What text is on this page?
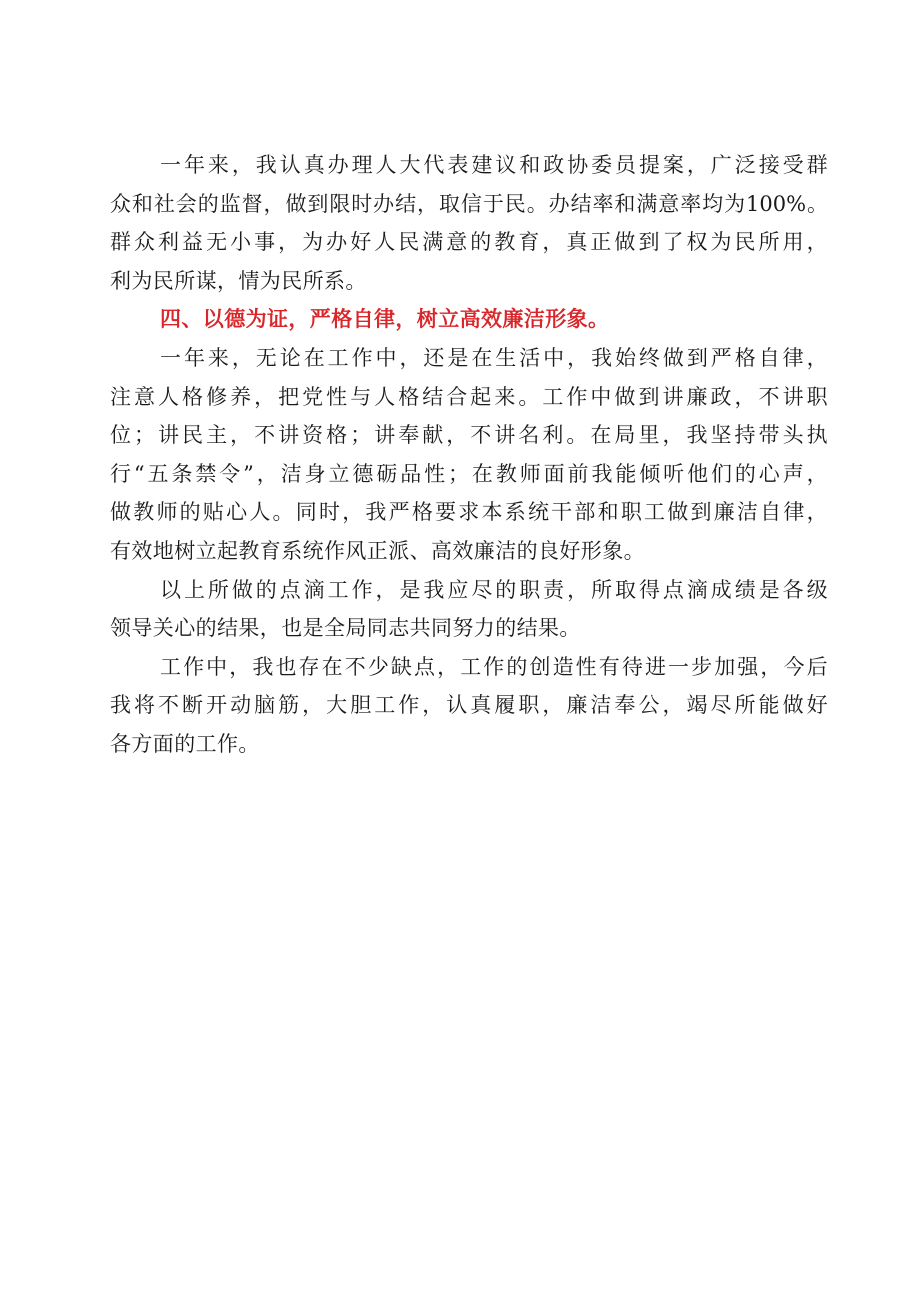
一年来，我认真办理人大代表建议和政协委员提案，广泛接受群
众和社会的监督，做到限时办结，取信于民。办结率和满意率均为100%。
群众利益无小事，为办好人民满意的教育，真正做到了权为民所用，
利为民所谋，情为民所系。
四、以德为证，严格自律，树立高效廉洁形象。
一年来，无论在工作中，还是在生活中，我始终做到严格自律，
注意人格修养，把党性与人格结合起来。工作中做到讲廉政，不讲职
位；讲民主，不讲资格；讲奉献，不讲名利。在局里，我坚持带头执
行“五条禁令”，洁身立德砺品性；在教师面前我能倾听他们的心声，
做教师的贴心人。同时，我严格要求本系统干部和职工做到廉洁自律，
有效地树立起教育系统作风正派、高效廉洁的良好形象。
以上所做的点滴工作，是我应尽的职责，所取得点滴成绩是各级
领导关心的结果，也是全局同志共同努力的结果。
工作中，我也存在不少缺点，工作的创造性有待进一步加强，今后
我将不断开动脑筋，大胆工作，认真履职，廉洁奉公，竭尽所能做好
各方面的工作。
